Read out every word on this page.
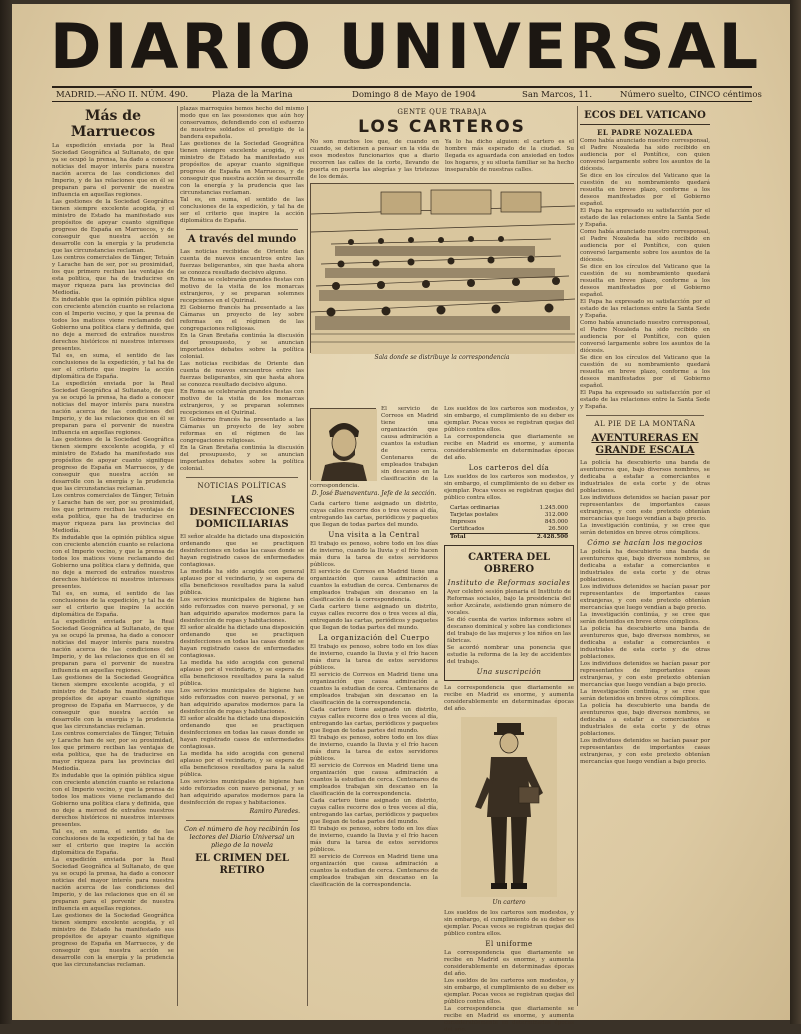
DIARIO UNIVERSAL
MADRID.—AÑO II. NÚM. 490.	Plaza de la Marina	Domingo 8 de Mayo de 1904	San Marcos, 11.	Número suelto, CINCO céntimos
Más de Marruecos

La expedición enviada por la Real Sociedad Geográfica al Sultanato, de que ya se ocupó la prensa, ha dado a conocer noticias del mayor interés para nuestra nación acerca de las condiciones del Imperio, y de las relaciones que en él se preparan para el porvenir de nuestra influencia en aquellas regiones.

Las gestiones de la Sociedad Geográfica tienen siempre excelente acogida, y el ministro de Estado ha manifestado sus propósitos de apoyar cuanto signifique progreso de España en Marruecos, y de conseguir que nuestra acción se desarrolle con la energía y la prudencia que las circunstancias reclaman.

Los centros comerciales de Tánger, Tetuán y Larache han de ser, por su proximidad, los que primero reciban las ventajas de esta política, que ha de traducirse en mayor riqueza para las provincias del Mediodía.

Es indudable que la opinión pública sigue con creciente atención cuanto se relaciona con el Imperio vecino, y que la prensa de todos los matices viene reclamando del Gobierno una política clara y definida, que no deje a merced de extraños nuestros derechos históricos ni nuestros intereses presentes.

Tal es, en suma, el sentido de las conclusiones de la expedición, y tal ha de ser el criterio que inspire la acción diplomática de España.

La expedición enviada por la Real Sociedad Geográfica al Sultanato, de que ya se ocupó la prensa, ha dado a conocer noticias del mayor interés para nuestra nación acerca de las condiciones del Imperio, y de las relaciones que en él se preparan para el porvenir de nuestra influencia en aquellas regiones.

Las gestiones de la Sociedad Geográfica tienen siempre excelente acogida, y el ministro de Estado ha manifestado sus propósitos de apoyar cuanto signifique progreso de España en Marruecos, y de conseguir que nuestra acción se desarrolle con la energía y la prudencia que las circunstancias reclaman.

Los centros comerciales de Tánger, Tetuán y Larache han de ser, por su proximidad, los que primero reciban las ventajas de esta política, que ha de traducirse en mayor riqueza para las provincias del Mediodía.

Es indudable que la opinión pública sigue con creciente atención cuanto se relaciona con el Imperio vecino, y que la prensa de todos los matices viene reclamando del Gobierno una política clara y definida, que no deje a merced de extraños nuestros derechos históricos ni nuestros intereses presentes.

Tal es, en suma, el sentido de las conclusiones de la expedición, y tal ha de ser el criterio que inspire la acción diplomática de España.

La expedición enviada por la Real Sociedad Geográfica al Sultanato, de que ya se ocupó la prensa, ha dado a conocer noticias del mayor interés para nuestra nación acerca de las condiciones del Imperio, y de las relaciones que en él se preparan para el porvenir de nuestra influencia en aquellas regiones.

Las gestiones de la Sociedad Geográfica tienen siempre excelente acogida, y el ministro de Estado ha manifestado sus propósitos de apoyar cuanto signifique progreso de España en Marruecos, y de conseguir que nuestra acción se desarrolle con la energía y la prudencia que las circunstancias reclaman.

Los centros comerciales de Tánger, Tetuán y Larache han de ser, por su proximidad, los que primero reciban las ventajas de esta política, que ha de traducirse en mayor riqueza para las provincias del Mediodía.

Es indudable que la opinión pública sigue con creciente atención cuanto se relaciona con el Imperio vecino, y que la prensa de todos los matices viene reclamando del Gobierno una política clara y definida, que no deje a merced de extraños nuestros derechos históricos ni nuestros intereses presentes.

Tal es, en suma, el sentido de las conclusiones de la expedición, y tal ha de ser el criterio que inspire la acción diplomática de España.

La expedición enviada por la Real Sociedad Geográfica al Sultanato, de que ya se ocupó la prensa, ha dado a conocer noticias del mayor interés para nuestra nación acerca de las condiciones del Imperio, y de las relaciones que en él se preparan para el porvenir de nuestra influencia en aquellas regiones.

Las gestiones de la Sociedad Geográfica tienen siempre excelente acogida, y el ministro de Estado ha manifestado sus propósitos de apoyar cuanto signifique progreso de España en Marruecos, y de conseguir que nuestra acción se desarrolle con la energía y la prudencia que las circunstancias reclaman.

plazas marroquíes hemos hecho del mismo modo que en las posesiones que aún hoy conservamos, defendiendo con el esfuerzo de nuestros soldados el prestigio de la bandera española.

Las gestiones de la Sociedad Geográfica tienen siempre excelente acogida, y el ministro de Estado ha manifestado sus propósitos de apoyar cuanto signifique progreso de España en Marruecos, y de conseguir que nuestra acción se desarrolle con la energía y la prudencia que las circunstancias reclaman.

Tal es, en suma, el sentido de las conclusiones de la expedición, y tal ha de ser el criterio que inspire la acción diplomática de España.

A través del mundo

Las noticias recibidas de Oriente dan cuenta de nuevos encuentros entre las fuerzas beligerantes, sin que hasta ahora se conozca resultado decisivo alguno.

En Roma se celebrarán grandes fiestas con motivo de la visita de los monarcas extranjeros, y se preparan solemnes recepciones en el Quirinal.

El Gobierno francés ha presentado a las Cámaras un proyecto de ley sobre reformas en el régimen de las congregaciones religiosas.

En la Gran Bretaña continúa la discusión del presupuesto, y se anuncian importantes debates sobre la política colonial.

Las noticias recibidas de Oriente dan cuenta de nuevos encuentros entre las fuerzas beligerantes, sin que hasta ahora se conozca resultado decisivo alguno.

En Roma se celebrarán grandes fiestas con motivo de la visita de los monarcas extranjeros, y se preparan solemnes recepciones en el Quirinal.

El Gobierno francés ha presentado a las Cámaras un proyecto de ley sobre reformas en el régimen de las congregaciones religiosas.

En la Gran Bretaña continúa la discusión del presupuesto, y se anuncian importantes debates sobre la política colonial.

NOTICIAS POLÍTICAS
LAS DESINFECCIONES DOMICILIARIAS

El señor alcalde ha dictado una disposición ordenando que se practiquen desinfecciones en todas las casas donde se hayan registrado casos de enfermedades contagiosas.

La medida ha sido acogida con general aplauso por el vecindario, y se espera de ella beneficiosos resultados para la salud pública.

Los servicios municipales de higiene han sido reforzados con nuevo personal, y se han adquirido aparatos modernos para la desinfección de ropas y habitaciones.

El señor alcalde ha dictado una disposición ordenando que se practiquen desinfecciones en todas las casas donde se hayan registrado casos de enfermedades contagiosas.

La medida ha sido acogida con general aplauso por el vecindario, y se espera de ella beneficiosos resultados para la salud pública.

Los servicios municipales de higiene han sido reforzados con nuevo personal, y se han adquirido aparatos modernos para la desinfección de ropas y habitaciones.

El señor alcalde ha dictado una disposición ordenando que se practiquen desinfecciones en todas las casas donde se hayan registrado casos de enfermedades contagiosas.

La medida ha sido acogida con general aplauso por el vecindario, y se espera de ella beneficiosos resultados para la salud pública.

Los servicios municipales de higiene han sido reforzados con nuevo personal, y se han adquirido aparatos modernos para la desinfección de ropas y habitaciones.

Ramiro Paredes.
Con el número de hoy recibirán los lectores del Diario Universal un pliego de la novela
EL CRIMEN DEL RETIRO
GENTE QUE TRABAJA
LOS CARTEROS

No son muchos los que, de cuando en cuando, se detienen a pensar en la vida de esos modestos funcionarios que a diario recorren las calles de la corte, llevando de puerta en puerta las alegrías y las tristezas de los demás.

Ya lo ha dicho alguien: el cartero es el hombre más esperado de la ciudad. Su llegada es aguardada con ansiedad en todos los hogares, y su silueta familiar se ha hecho inseparable de nuestras calles.

Sala donde se distribuye la correspondencia

El servicio de Correos en Madrid tiene una organización que causa admiración a cuantos la estudian de cerca. Centenares de empleados trabajan sin descanso en la clasificación de la correspondencia.

D. José Buenaventura. Jefe de la sección.

Cada cartero tiene asignado un distrito, cuyas calles recorre dos o tres veces al día, entregando las cartas, periódicos y paquetes que llegan de todas partes del mundo.

Una visita a la Central

El trabajo es penoso, sobre todo en los días de invierno, cuando la lluvia y el frío hacen más dura la tarea de estos servidores públicos.

El servicio de Correos en Madrid tiene una organización que causa admiración a cuantos la estudian de cerca. Centenares de empleados trabajan sin descanso en la clasificación de la correspondencia.

Cada cartero tiene asignado un distrito, cuyas calles recorre dos o tres veces al día, entregando las cartas, periódicos y paquetes que llegan de todas partes del mundo.

La organización del Cuerpo

El trabajo es penoso, sobre todo en los días de invierno, cuando la lluvia y el frío hacen más dura la tarea de estos servidores públicos.

El servicio de Correos en Madrid tiene una organización que causa admiración a cuantos la estudian de cerca. Centenares de empleados trabajan sin descanso en la clasificación de la correspondencia.

Cada cartero tiene asignado un distrito, cuyas calles recorre dos o tres veces al día, entregando las cartas, periódicos y paquetes que llegan de todas partes del mundo.

El trabajo es penoso, sobre todo en los días de invierno, cuando la lluvia y el frío hacen más dura la tarea de estos servidores públicos.

El servicio de Correos en Madrid tiene una organización que causa admiración a cuantos la estudian de cerca. Centenares de empleados trabajan sin descanso en la clasificación de la correspondencia.

Cada cartero tiene asignado un distrito, cuyas calles recorre dos o tres veces al día, entregando las cartas, periódicos y paquetes que llegan de todas partes del mundo.

El trabajo es penoso, sobre todo en los días de invierno, cuando la lluvia y el frío hacen más dura la tarea de estos servidores públicos.

El servicio de Correos en Madrid tiene una organización que causa admiración a cuantos la estudian de cerca. Centenares de empleados trabajan sin descanso en la clasificación de la correspondencia.

Los sueldos de los carteros son modestos, y sin embargo, el cumplimiento de su deber es ejemplar. Pocas veces se registran quejas del público contra ellos.

La correspondencia que diariamente se recibe en Madrid es enorme, y aumenta considerablemente en determinadas épocas del año.

Los carteros del día

Los sueldos de los carteros son modestos, y sin embargo, el cumplimiento de su deber es ejemplar. Pocas veces se registran quejas del público contra ellos.

Cartas ordinarias	1.245.000
Tarjetas postales	312.000
Impresos	845.000
Certificados	26.500
Total	2.428.500
CARTERA DEL OBRERO
Instituto de Reformas sociales

Ayer celebró sesión plenaria el Instituto de Reformas sociales, bajo la presidencia del señor Azcárate, asistiendo gran número de vocales.

Se dió cuenta de varios informes sobre el descanso dominical y sobre las condiciones del trabajo de las mujeres y los niños en las fábricas.

Se acordó nombrar una ponencia que estudie la reforma de la ley de accidentes del trabajo.

Una suscripción

La correspondencia que diariamente se recibe en Madrid es enorme, y aumenta considerablemente en determinadas épocas del año.

Un cartero

Los sueldos de los carteros son modestos, y sin embargo, el cumplimiento de su deber es ejemplar. Pocas veces se registran quejas del público contra ellos.

El uniforme

La correspondencia que diariamente se recibe en Madrid es enorme, y aumenta considerablemente en determinadas épocas del año.

Los sueldos de los carteros son modestos, y sin embargo, el cumplimiento de su deber es ejemplar. Pocas veces se registran quejas del público contra ellos.

La correspondencia que diariamente se recibe en Madrid es enorme, y aumenta considerablemente en determinadas épocas del año.

ECOS DEL VATICANO
EL PADRE NOZALEDA

Como había anunciado nuestro corresponsal, el Padre Nozaleda ha sido recibido en audiencia por el Pontífice, con quien conversó largamente sobre los asuntos de la diócesis.

Se dice en los círculos del Vaticano que la cuestión de su nombramiento quedará resuelta en breve plazo, conforme a los deseos manifestados por el Gobierno español.

El Papa ha expresado su satisfacción por el estado de las relaciones entre la Santa Sede y España.

Como había anunciado nuestro corresponsal, el Padre Nozaleda ha sido recibido en audiencia por el Pontífice, con quien conversó largamente sobre los asuntos de la diócesis.

Se dice en los círculos del Vaticano que la cuestión de su nombramiento quedará resuelta en breve plazo, conforme a los deseos manifestados por el Gobierno español.

El Papa ha expresado su satisfacción por el estado de las relaciones entre la Santa Sede y España.

Como había anunciado nuestro corresponsal, el Padre Nozaleda ha sido recibido en audiencia por el Pontífice, con quien conversó largamente sobre los asuntos de la diócesis.

Se dice en los círculos del Vaticano que la cuestión de su nombramiento quedará resuelta en breve plazo, conforme a los deseos manifestados por el Gobierno español.

El Papa ha expresado su satisfacción por el estado de las relaciones entre la Santa Sede y España.

AL PIE DE LA MONTAÑA
AVENTURERAS EN GRANDE ESCALA

La policía ha descubierto una banda de aventureros que, bajo diversos nombres, se dedicaba a estafar a comerciantes e industriales de esta corte y de otras poblaciones.

Los individuos detenidos se hacían pasar por representantes de importantes casas extranjeras, y con este pretexto obtenían mercancías que luego vendían a bajo precio.

La investigación continúa, y se cree que serán detenidos en breve otros cómplices.

Cómo se hacían los negocios

La policía ha descubierto una banda de aventureros que, bajo diversos nombres, se dedicaba a estafar a comerciantes e industriales de esta corte y de otras poblaciones.

Los individuos detenidos se hacían pasar por representantes de importantes casas extranjeras, y con este pretexto obtenían mercancías que luego vendían a bajo precio.

La investigación continúa, y se cree que serán detenidos en breve otros cómplices.

La policía ha descubierto una banda de aventureros que, bajo diversos nombres, se dedicaba a estafar a comerciantes e industriales de esta corte y de otras poblaciones.

Los individuos detenidos se hacían pasar por representantes de importantes casas extranjeras, y con este pretexto obtenían mercancías que luego vendían a bajo precio.

La investigación continúa, y se cree que serán detenidos en breve otros cómplices.

La policía ha descubierto una banda de aventureros que, bajo diversos nombres, se dedicaba a estafar a comerciantes e industriales de esta corte y de otras poblaciones.

Los individuos detenidos se hacían pasar por representantes de importantes casas extranjeras, y con este pretexto obtenían mercancías que luego vendían a bajo precio.
